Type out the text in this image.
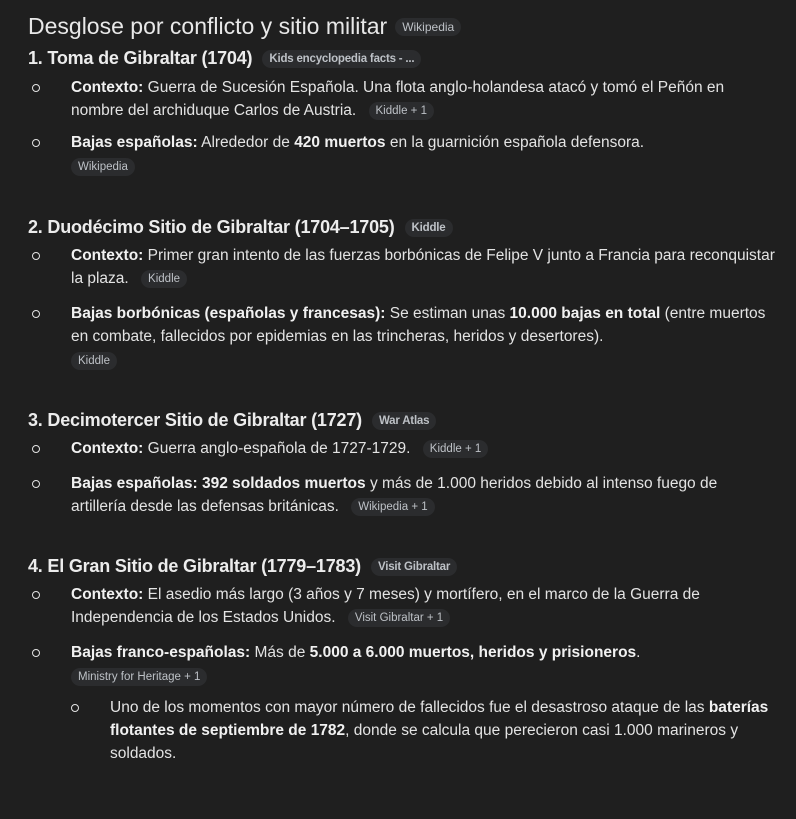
Desglose por conflicto y sitio militar	Wikipedia
1. Toma de Gibraltar (1704)	Kids encyclopedia facts - ...
Contexto: Guerra de Sucesión Española. Una flota anglo-holandesa atacó y tomó el Peñón en nombre del archiduque Carlos de Austria. Kiddle + 1
Bajas españolas: Alrededor de 420 muertos en la guarnición española defensora.
Wikipedia
2. Duodécimo Sitio de Gibraltar (1704–1705)	Kiddle
Contexto: Primer gran intento de las fuerzas borbónicas de Felipe V junto a Francia para reconquistar la plaza. Kiddle
Bajas borbónicas (españolas y francesas): Se estiman unas 10.000 bajas en total (entre muertos en combate, fallecidos por epidemias en las trincheras, heridos y desertores).
Kiddle
3. Decimotercer Sitio de Gibraltar (1727)	War Atlas
Contexto: Guerra anglo-española de 1727-1729. Kiddle + 1
Bajas españolas: 392 soldados muertos y más de 1.000 heridos debido al intenso fuego de artillería desde las defensas británicas. Wikipedia + 1
4. El Gran Sitio de Gibraltar (1779–1783)	Visit Gibraltar
Contexto: El asedio más largo (3 años y 7 meses) y mortífero, en el marco de la Guerra de Independencia de los Estados Unidos. Visit Gibraltar + 1
Bajas franco-españolas: Más de 5.000 a 6.000 muertos, heridos y prisioneros.
Ministry for Heritage + 1
Uno de los momentos con mayor número de fallecidos fue el desastroso ataque de las baterías flotantes de septiembre de 1782, donde se calcula que perecieron casi 1.000 marineros y soldados.
